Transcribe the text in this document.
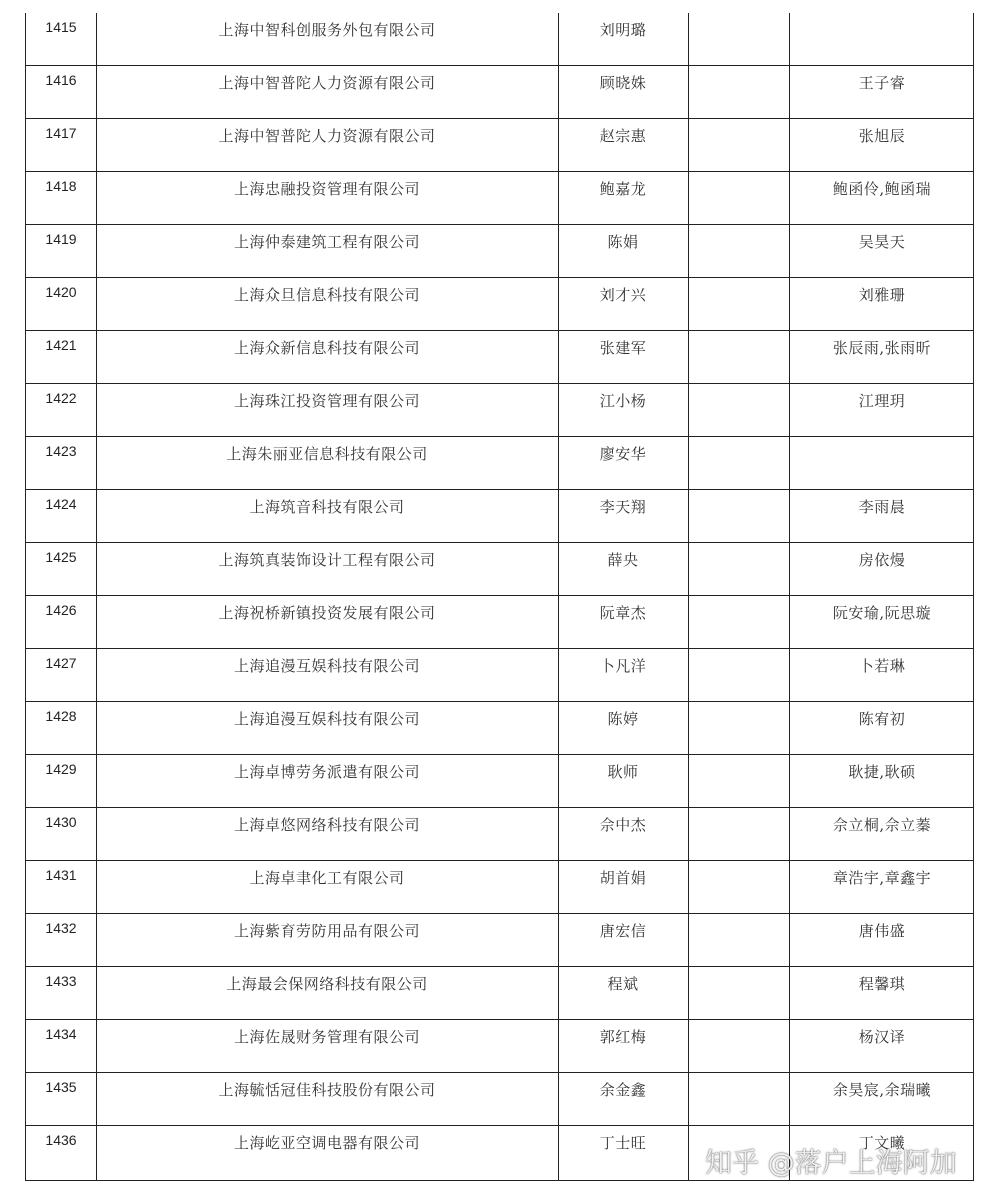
1415	上海中智科创服务外包有限公司	刘明璐
1416	上海中智普陀人力资源有限公司	顾晓姝	王子睿
1417	上海中智普陀人力资源有限公司	赵宗惠	张旭辰
1418	上海忠融投资管理有限公司	鲍嘉龙	鲍函伶,鲍函瑞
1419	上海仲泰建筑工程有限公司	陈娟	吴昊天
1420	上海众旦信息科技有限公司	刘才兴	刘雅珊
1421	上海众新信息科技有限公司	张建军	张辰雨,张雨昕
1422	上海珠江投资管理有限公司	江小杨	江理玥
1423	上海朱丽亚信息科技有限公司	廖安华
1424	上海筑音科技有限公司	李天翔	李雨晨
1425	上海筑真装饰设计工程有限公司	薛央	房依熳
1426	上海祝桥新镇投资发展有限公司	阮章杰	阮安瑜,阮思璇
1427	上海追漫互娱科技有限公司	卜凡洋	卜若琳
1428	上海追漫互娱科技有限公司	陈婷	陈宥初
1429	上海卓博劳务派遣有限公司	耿师	耿捷,耿硕
1430	上海卓悠网络科技有限公司	佘中杰	佘立桐,佘立蓁
1431	上海卓聿化工有限公司	胡首娟	章浩宇,章鑫宇
1432	上海紫育劳防用品有限公司	唐宏信	唐伟盛
1433	上海最会保网络科技有限公司	程斌	程馨琪
1434	上海佐晟财务管理有限公司	郭红梅	杨汉译
1435	上海毓恬冠佳科技股份有限公司	余金鑫	余昊宸,余瑞曦
1436	上海屹亚空调电器有限公司	丁士旺	丁文曦
知乎 @落户上海阿加
